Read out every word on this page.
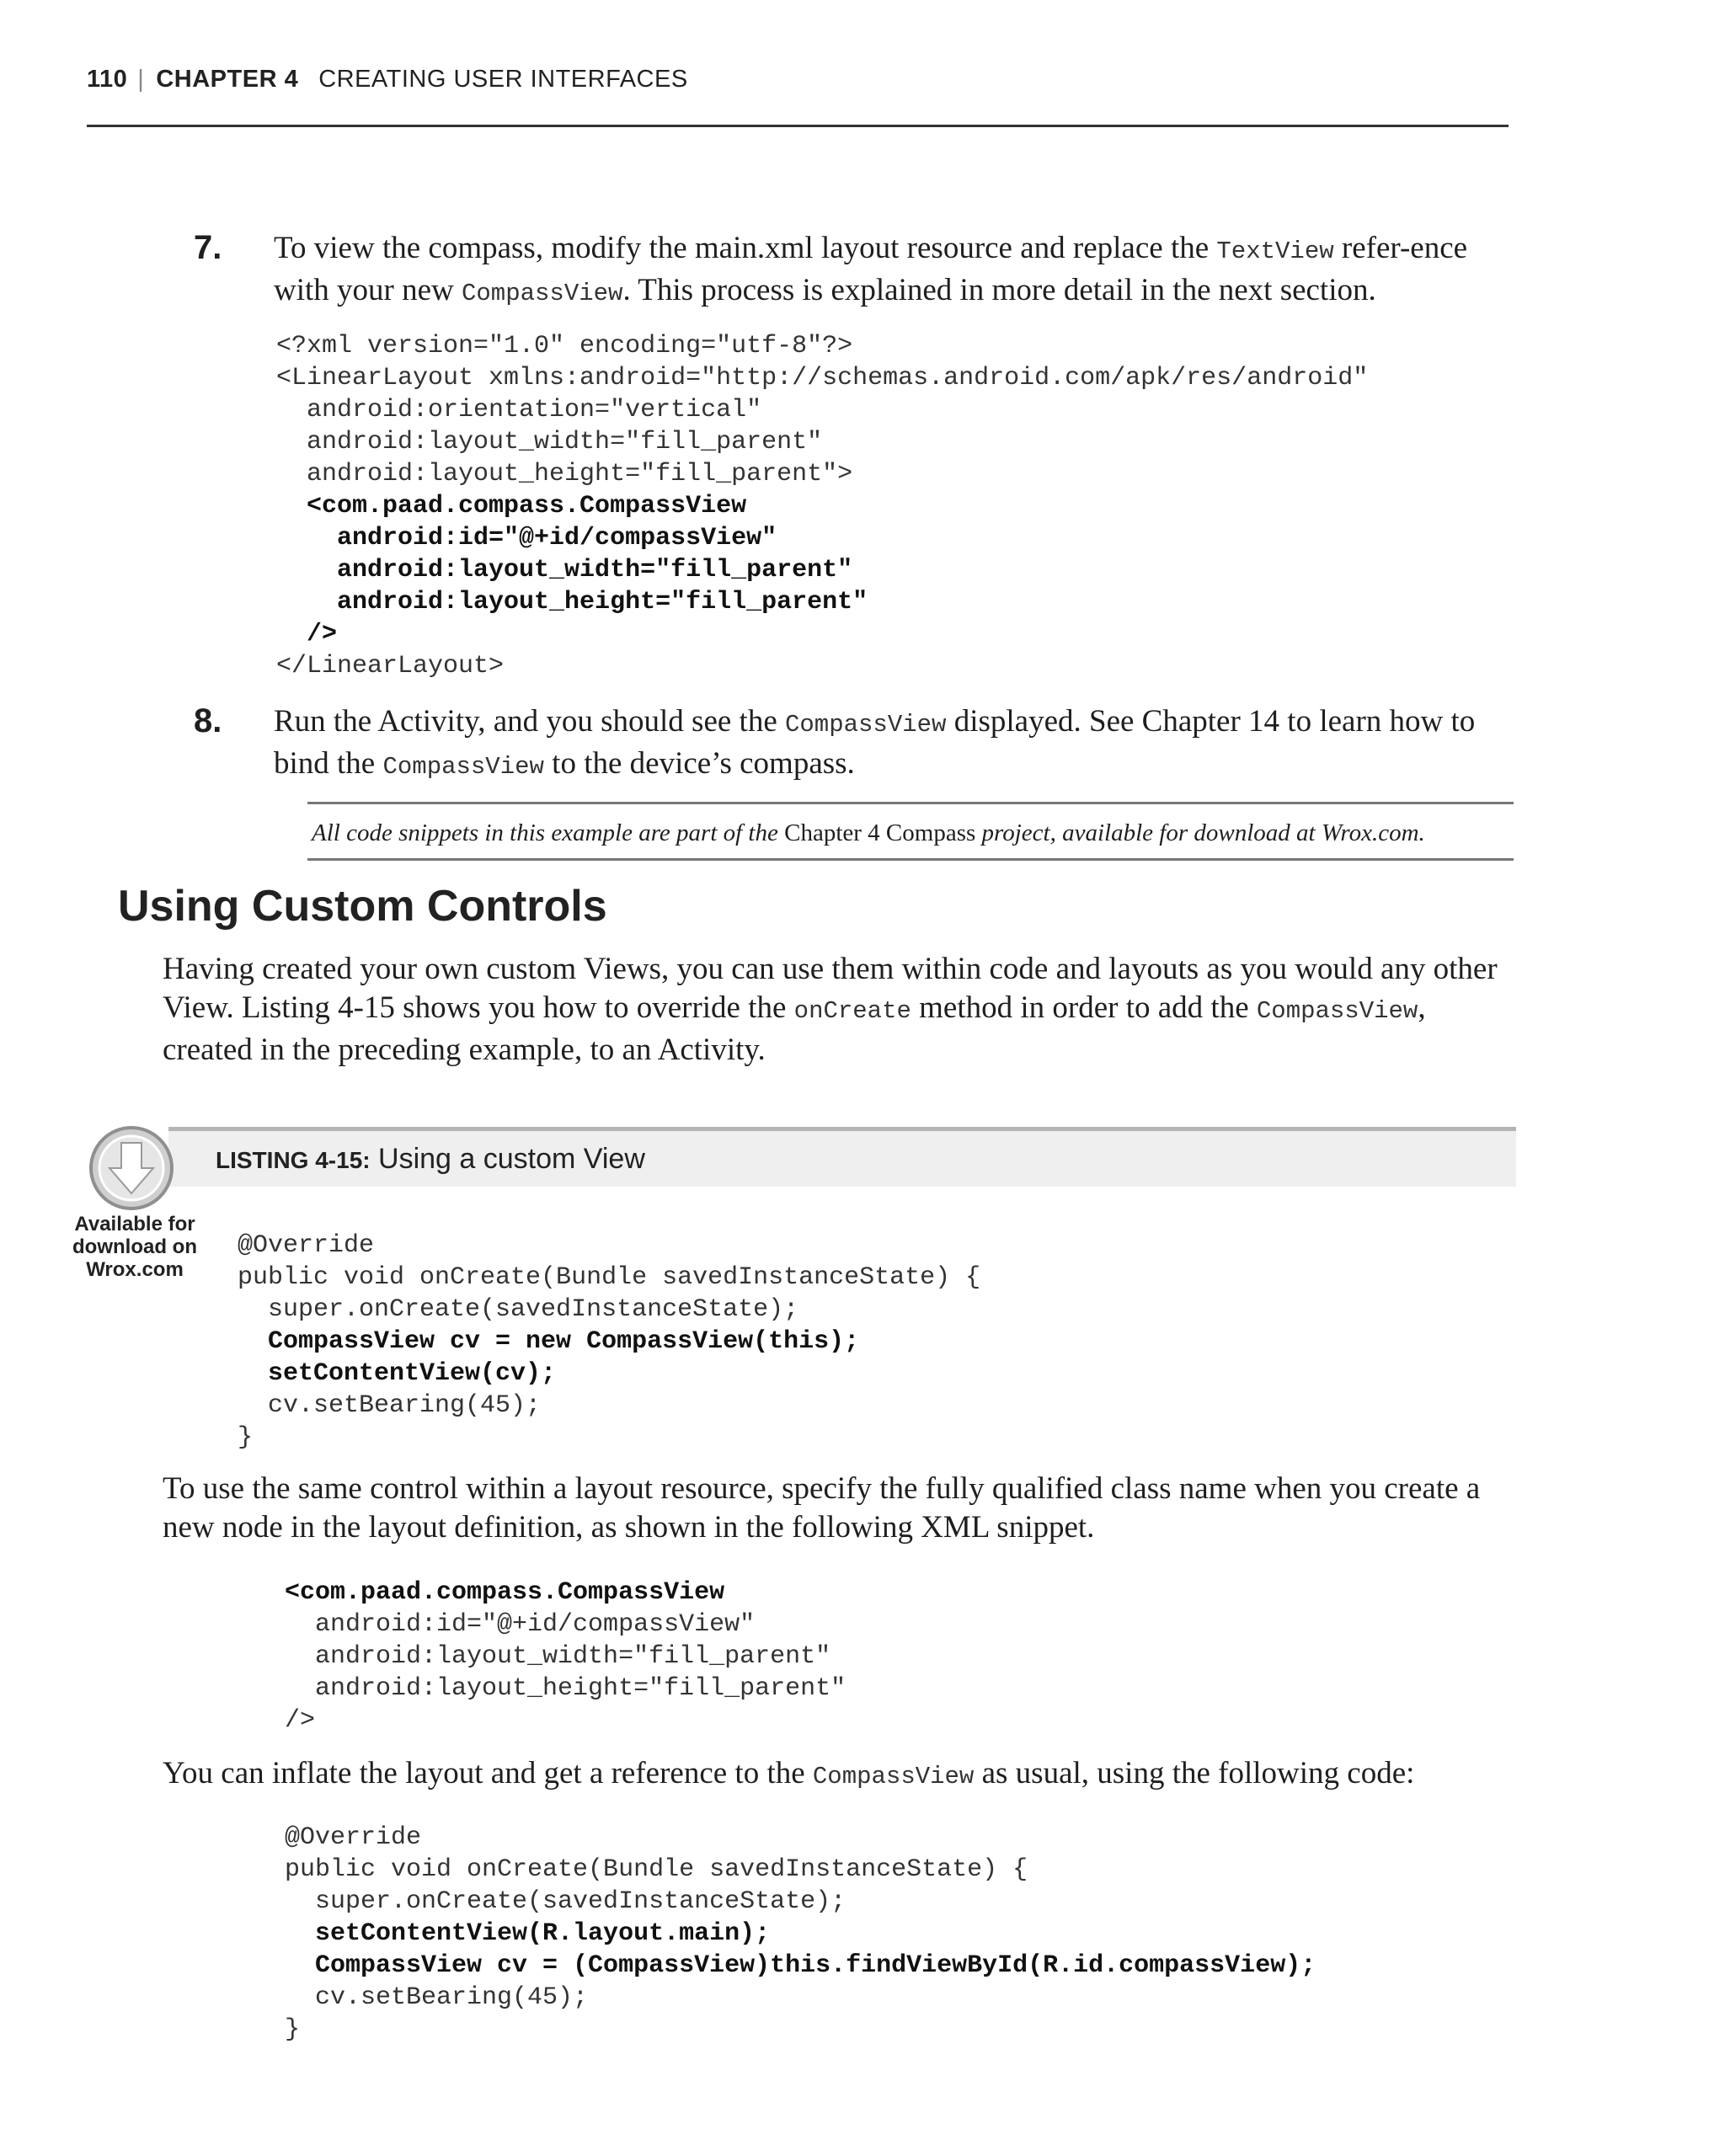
110 | CHAPTER 4 CREATING USER INTERFACES
7. To view the compass, modify the main.xml layout resource and replace the TextView refer-ence with your new CompassView. This process is explained in more detail in the next section.
<?xml version="1.0" encoding="utf-8"?>
<LinearLayout xmlns:android="http://schemas.android.com/apk/res/android"
android:orientation="vertical"
android:layout_width="fill_parent"
android:layout_height="fill_parent">
<com.paad.compass.CompassView
android:id="@+id/compassView"
android:layout_width="fill_parent"
android:layout_height="fill_parent"
/>
</LinearLayout>
8. Run the Activity, and you should see the CompassView displayed. See Chapter 14 to learn how to bind the CompassView to the device’s compass.

All code snippets in this example are part of the Chapter 4 Compass project, available for download at Wrox.com.

Using Custom Controls
Having created your own custom Views, you can use them within code and layouts as you would any other View. Listing 4-15 shows you how to override the onCreate method in order to add the CompassView, created in the preceding example, to an Activity.
LISTING 4-15: Using a custom View
Available for
download on
Wrox.com
@Override
public void onCreate(Bundle savedInstanceState) {
super.onCreate(savedInstanceState);
CompassView cv = new CompassView(this);
setContentView(cv);
cv.setBearing(45);
}
To use the same control within a layout resource, specify the fully qualified class name when you create a new node in the layout definition, as shown in the following XML snippet.
<com.paad.compass.CompassView
android:id="@+id/compassView"
android:layout_width="fill_parent"
android:layout_height="fill_parent"
/>
You can inflate the layout and get a reference to the CompassView as usual, using the following code:
@Override
public void onCreate(Bundle savedInstanceState) {
super.onCreate(savedInstanceState);
setContentView(R.layout.main);
CompassView cv = (CompassView)this.findViewById(R.id.compassView);
cv.setBearing(45);
}
